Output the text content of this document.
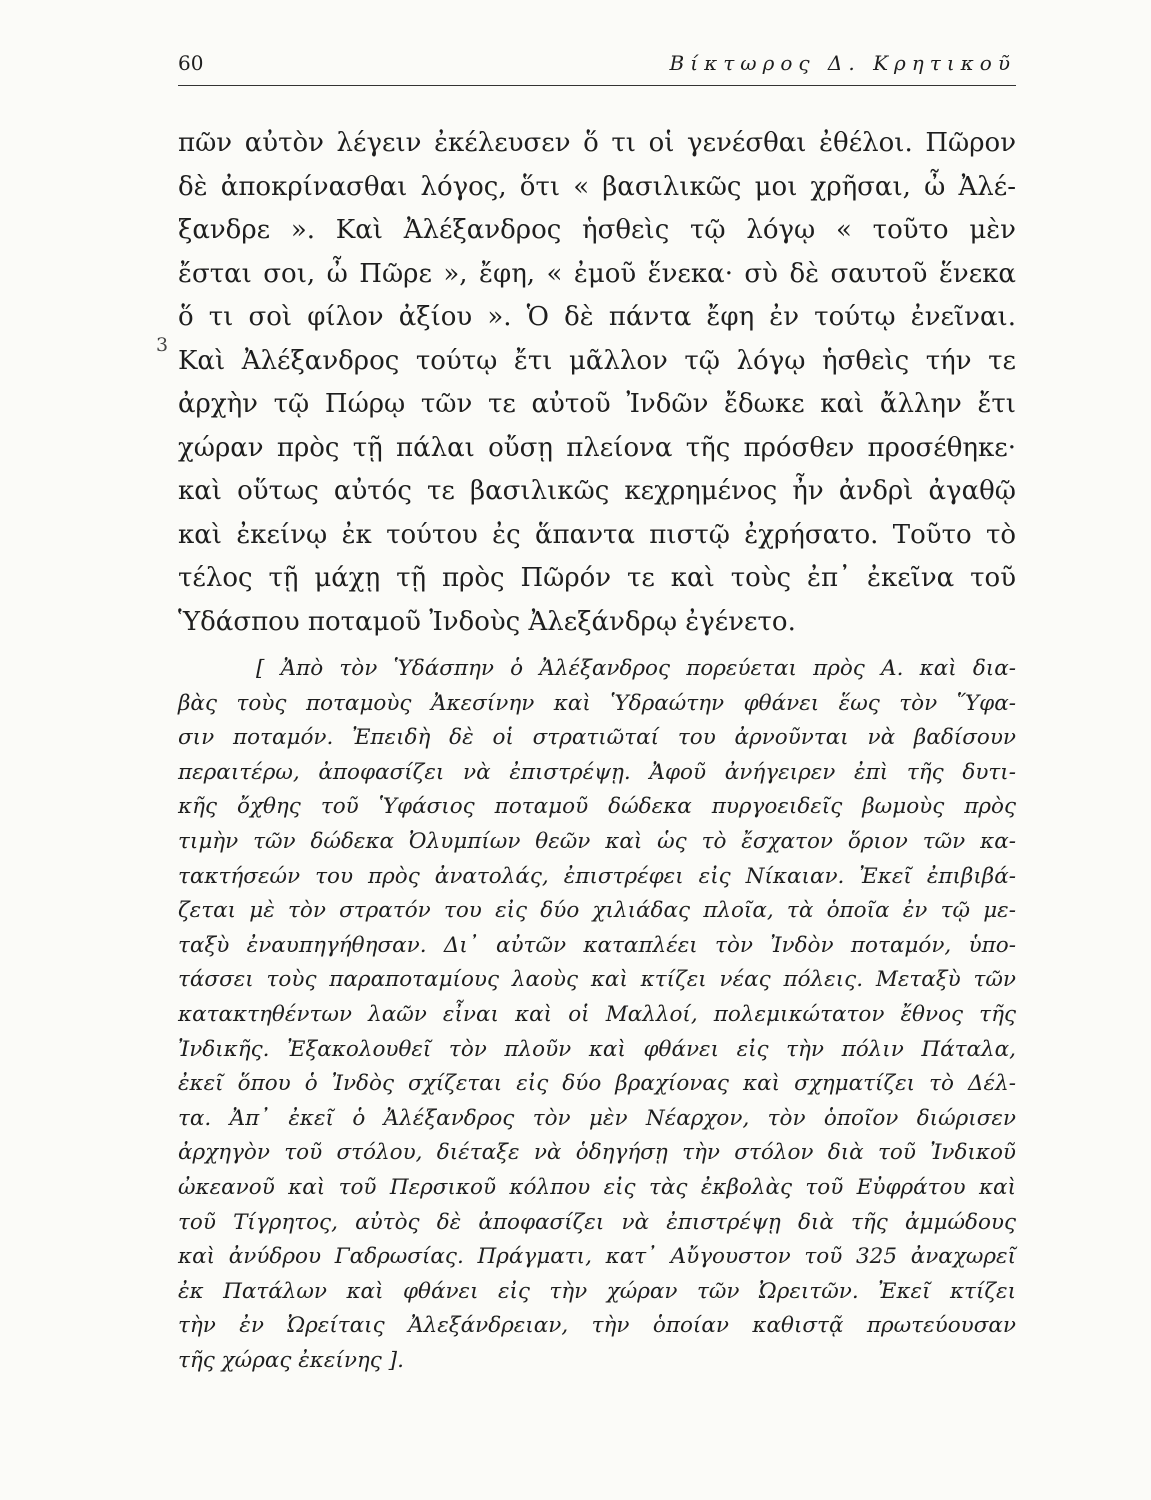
60	Βίκτωρος Δ. Κρητικοῦ
3
πῶν αὐτὸν λέγειν ἐκέλευσεν ὅ τι οἱ γενέσθαι ἐθέλοι. Πῶρον
δὲ ἀποκρίνασθαι λόγος, ὅτι « βασιλικῶς μοι χρῆσαι, ὦ Ἀλέ-
ξανδρε ». Καὶ Ἀλέξανδρος ἡσθεὶς τῷ λόγῳ « τοῦτο μὲν
ἔσται σοι, ὦ Πῶρε », ἔφη, « ἐμοῦ ἕνεκα· σὺ δὲ σαυτοῦ ἕνεκα
ὅ τι σοὶ φίλον ἀξίου ». Ὁ δὲ πάντα ἔφη ἐν τούτῳ ἐνεῖναι.
Καὶ Ἀλέξανδρος τούτῳ ἔτι μᾶλλον τῷ λόγῳ ἡσθεὶς τήν τε
ἀρχὴν τῷ Πώρῳ τῶν τε αὐτοῦ Ἰνδῶν ἔδωκε καὶ ἄλλην ἔτι
χώραν πρὸς τῇ πάλαι οὔσῃ πλείονα τῆς πρόσθεν προσέθηκε·
καὶ οὕτως αὐτός τε βασιλικῶς κεχρημένος ἦν ἀνδρὶ ἀγαθῷ
καὶ ἐκείνῳ ἐκ τούτου ἐς ἅπαντα πιστῷ ἐχρήσατο. Τοῦτο τὸ
τέλος τῇ μάχῃ τῇ πρὸς Πῶρόν τε καὶ τοὺς ἐπ᾽ ἐκεῖνα τοῦ
Ὑδάσπου ποταμοῦ Ἰνδοὺς Ἀλεξάνδρῳ ἐγένετο.
[ Ἀπὸ τὸν Ὑδάσπην ὁ Ἀλέξανδρος πορεύεται πρὸς Α. καὶ δια-
βὰς τοὺς ποταμοὺς Ἀκεσίνην καὶ Ὑδραώτην φθάνει ἕως τὸν Ὕφα-
σιν ποταμόν. Ἐπειδὴ δὲ οἱ στρατιῶταί του ἀρνοῦνται νὰ βαδίσουν
περαιτέρω, ἀποφασίζει νὰ ἐπιστρέψῃ. Ἀφοῦ ἀνήγειρεν ἐπὶ τῆς δυτι-
κῆς ὄχθης τοῦ Ὑφάσιος ποταμοῦ δώδεκα πυργοειδεῖς βωμοὺς πρὸς
τιμὴν τῶν δώδεκα Ὀλυμπίων θεῶν καὶ ὡς τὸ ἔσχατον ὅριον τῶν κα-
τακτήσεών του πρὸς ἀνατολάς, ἐπιστρέφει εἰς Νίκαιαν. Ἐκεῖ ἐπιβιβά-
ζεται μὲ τὸν στρατόν του εἰς δύο χιλιάδας πλοῖα, τὰ ὁποῖα ἐν τῷ με-
ταξὺ ἐναυπηγήθησαν. Δι᾽ αὐτῶν καταπλέει τὸν Ἰνδὸν ποταμόν, ὑπο-
τάσσει τοὺς παραποταμίους λαοὺς καὶ κτίζει νέας πόλεις. Μεταξὺ τῶν
κατακτηθέντων λαῶν εἶναι καὶ οἱ Μαλλοί, πολεμικώτατον ἔθνος τῆς
Ἰνδικῆς. Ἐξακολουθεῖ τὸν πλοῦν καὶ φθάνει εἰς τὴν πόλιν Πάταλα,
ἐκεῖ ὅπου ὁ Ἰνδὸς σχίζεται εἰς δύο βραχίονας καὶ σχηματίζει τὸ Δέλ-
τα. Ἀπ᾽ ἐκεῖ ὁ Ἀλέξανδρος τὸν μὲν Νέαρχον, τὸν ὁποῖον διώρισεν
ἀρχηγὸν τοῦ στόλου, διέταξε νὰ ὁδηγήσῃ τὴν στόλον διὰ τοῦ Ἰνδικοῦ
ὠκεανοῦ καὶ τοῦ Περσικοῦ κόλπου εἰς τὰς ἐκβολὰς τοῦ Εὐφράτου καὶ
τοῦ Τίγρητος, αὐτὸς δὲ ἀποφασίζει νὰ ἐπιστρέψῃ διὰ τῆς ἀμμώδους
καὶ ἀνύδρου Γαδρωσίας. Πράγματι, κατ᾽ Αὔγουστον τοῦ 325 ἀναχωρεῖ
ἐκ Πατάλων καὶ φθάνει εἰς τὴν χώραν τῶν Ὠρειτῶν. Ἐκεῖ κτίζει
τὴν ἐν Ὠρείταις Ἀλεξάνδρειαν, τὴν ὁποίαν καθιστᾷ πρωτεύουσαν
τῆς χώρας ἐκείνης ].
